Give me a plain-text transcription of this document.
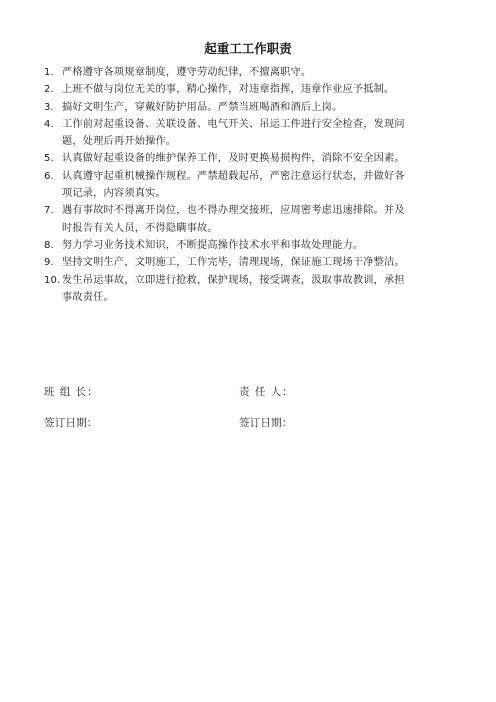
起重工工作职责
1. 严格遵守各项规章制度，遵守劳动纪律，不擅离职守。
2. 上班不做与岗位无关的事，精心操作，对违章指挥，违章作业应予抵制。
3. 搞好文明生产，穿戴好防护用品。严禁当班喝酒和酒后上岗。
4. 工作前对起重设备、关联设备、电气开关、吊运工件进行安全检查，发现问
题，处理后再开始操作。
5. 认真做好起重设备的维护保养工作，及时更换易损构件，消除不安全因素。
6. 认真遵守起重机械操作规程。严禁超载起吊，严密注意运行状态，并做好各
项记录，内容须真实。
7. 遇有事故时不得离开岗位，也不得办理交接班，应周密考虑迅速排除。并及
时报告有关人员，不得隐瞒事故。
8. 努力学习业务技术知识，不断提高操作技术水平和事故处理能力。
9. 坚持文明生产，文明施工，工作完毕，清理现场，保证施工现场干净整洁。
10. 发生吊运事故，立即进行抢救，保护现场，接受调查，汲取事故教训，承担
事故责任。
班 组 长：	责 任 人：
签订日期：	签订日期：
